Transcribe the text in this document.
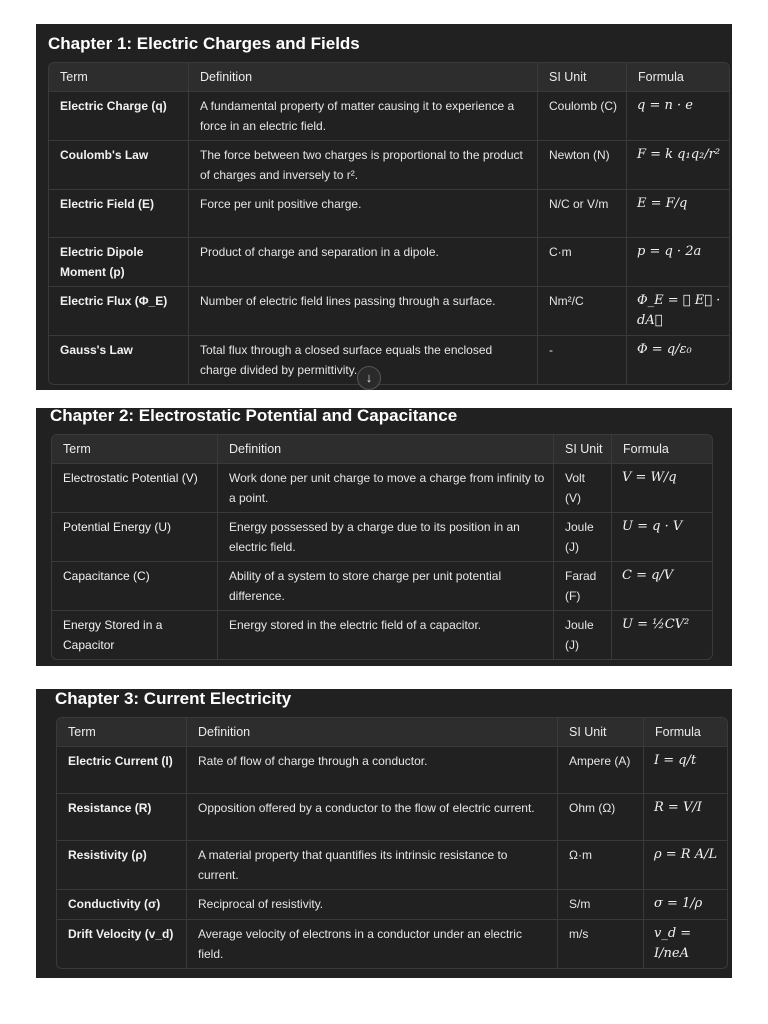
Chapter 1: Electric Charges and Fields
Term	Definition	SI Unit	Formula
Electric Charge (q)	A fundamental property of matter causing it to experience a force in an electric field.	Coulomb (C)	q = n · e
Coulomb's Law	The force between two charges is proportional to the product of charges and inversely to r².	Newton (N)	F = k q₁q₂/r²
Electric Field (E)	Force per unit positive charge.	N/C or V/m	E = F/q
Electric Dipole Moment (p)	Product of charge and separation in a dipole.	C·m	p = q · 2a
Electric Flux (Φ_E)	Number of electric field lines passing through a surface.	Nm²/C	Φ_E = ∮ E⃗ · dA⃗
Gauss's Law	Total flux through a closed surface equals the enclosed charge divided by permittivity.	-	Φ = q/ε₀
↓
Chapter 2: Electrostatic Potential and Capacitance
Term	Definition	SI Unit	Formula
Electrostatic Potential (V)	Work done per unit charge to move a charge from infinity to a point.	Volt (V)	V = W/q
Potential Energy (U)	Energy possessed by a charge due to its position in an electric field.	Joule (J)	U = q · V
Capacitance (C)	Ability of a system to store charge per unit potential difference.	Farad (F)	C = q/V
Energy Stored in a Capacitor	Energy stored in the electric field of a capacitor.	Joule (J)	U = ½CV²
Chapter 3: Current Electricity
Term	Definition	SI Unit	Formula
Electric Current (I)	Rate of flow of charge through a conductor.	Ampere (A)	I = q/t
Resistance (R)	Opposition offered by a conductor to the flow of electric current.	Ohm (Ω)	R = V/I
Resistivity (ρ)	A material property that quantifies its intrinsic resistance to current.	Ω·m	ρ = R A/L
Conductivity (σ)	Reciprocal of resistivity.	S/m	σ = 1/ρ
Drift Velocity (v_d)	Average velocity of electrons in a conductor under an electric field.	m/s	v_d = I/neA
